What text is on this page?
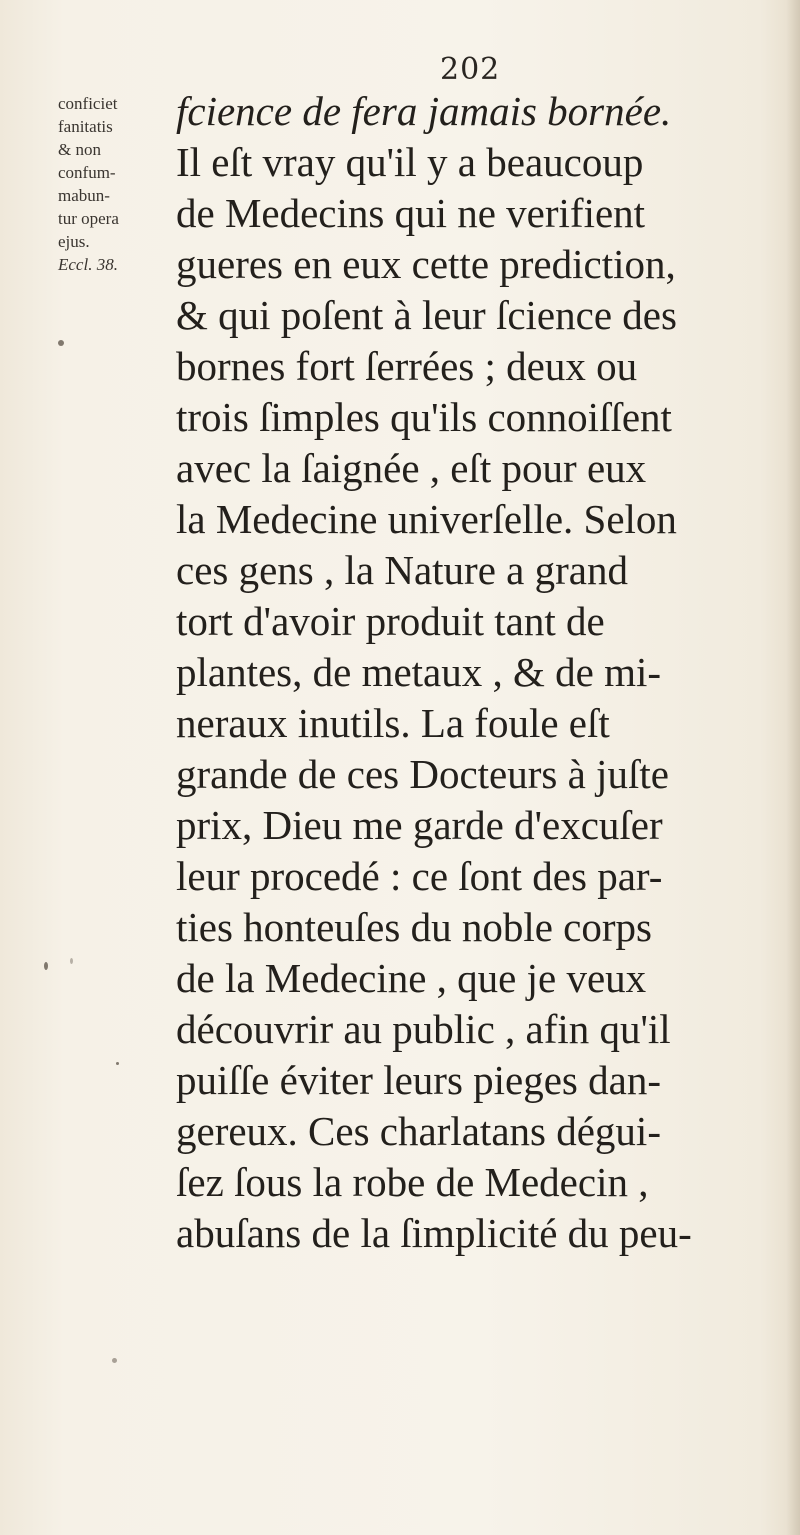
202
conficiet
fanitatis
& non
confum-
mabun-
tur opera
ejus.
Eccl. 38.
fcience de fera jamais bornée.
Il eſt vray qu'il y a beaucoup
de Medecins qui ne verifient
gueres en eux cette prediction,
& qui poſent à leur ſcience des
bornes fort ſerrées ; deux ou
trois ſimples qu'ils connoiſſent
avec la ſaignée , eſt pour eux
la Medecine univerſelle. Selon
ces gens , la Nature a grand
tort d'avoir produit tant de
plantes, de metaux , & de mi-
neraux inutils. La foule eſt
grande de ces Docteurs à juſte
prix, Dieu me garde d'excuſer
leur procedé : ce ſont des par-
ties honteuſes du noble corps
de la Medecine , que je veux
découvrir au public , afin qu'il
puiſſe éviter leurs pieges dan-
gereux. Ces charlatans dégui-
ſez ſous la robe de Medecin ,
abuſans de la ſimplicité du peu-
